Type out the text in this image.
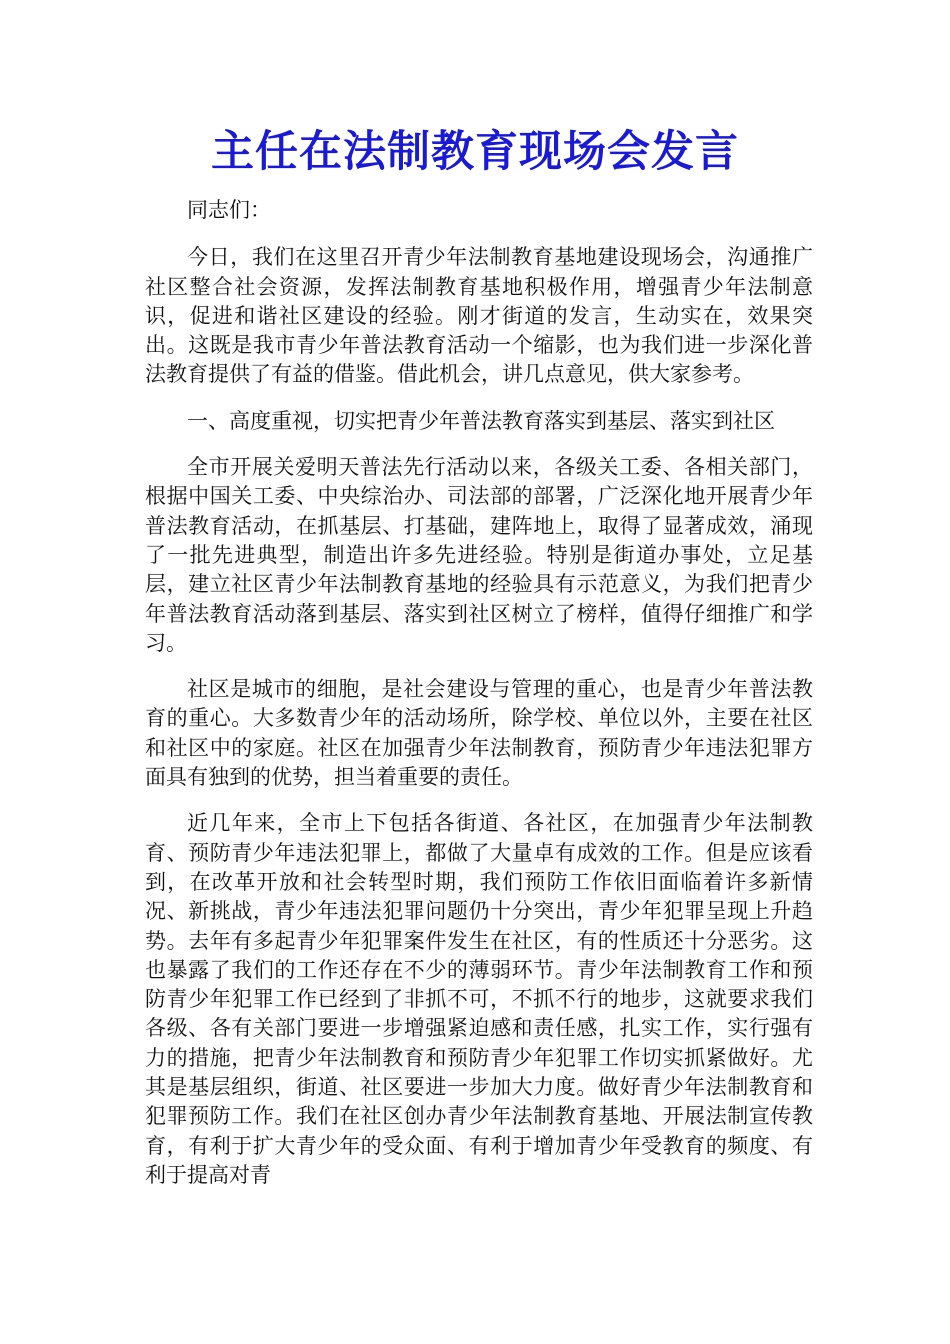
主任在法制教育现场会发言

同志们：

今日，我们在这里召开青少年法制教育基地建设现场会，沟通推广社区整合社会资源，发挥法制教育基地积极作用，增强青少年法制意识，促进和谐社区建设的经验。刚才街道的发言，生动实在，效果突出。这既是我市青少年普法教育活动一个缩影，也为我们进一步深化普法教育提供了有益的借鉴。借此机会，讲几点意见，供大家参考。

一、高度重视，切实把青少年普法教育落实到基层、落实到社区

全市开展关爱明天普法先行活动以来，各级关工委、各相关部门，根据中国关工委、中央综治办、司法部的部署，广泛深化地开展青少年普法教育活动，在抓基层、打基础，建阵地上，取得了显著成效，涌现了一批先进典型，制造出许多先进经验。特别是街道办事处，立足基层，建立社区青少年法制教育基地的经验具有示范意义，为我们把青少年普法教育活动落到基层、落实到社区树立了榜样，值得仔细推广和学习。

社区是城市的细胞，是社会建设与管理的重心，也是青少年普法教育的重心。大多数青少年的活动场所，除学校、单位以外，主要在社区和社区中的家庭。社区在加强青少年法制教育，预防青少年违法犯罪方面具有独到的优势，担当着重要的责任。

近几年来，全市上下包括各街道、各社区，在加强青少年法制教育、预防青少年违法犯罪上，都做了大量卓有成效的工作。但是应该看到，在改革开放和社会转型时期，我们预防工作依旧面临着许多新情况、新挑战，青少年违法犯罪问题仍十分突出，青少年犯罪呈现上升趋势。去年有多起青少年犯罪案件发生在社区，有的性质还十分恶劣。这也暴露了我们的工作还存在不少的薄弱环节。青少年法制教育工作和预防青少年犯罪工作已经到了非抓不可，不抓不行的地步，这就要求我们各级、各有关部门要进一步增强紧迫感和责任感，扎实工作，实行强有力的措施，把青少年法制教育和预防青少年犯罪工作切实抓紧做好。尤其是基层组织，街道、社区要进一步加大力度。做好青少年法制教育和犯罪预防工作。我们在社区创办青少年法制教育基地、开展法制宣传教育，有利于扩大青少年的受众面、有利于增加青少年受教育的频度、有利于提高对青
